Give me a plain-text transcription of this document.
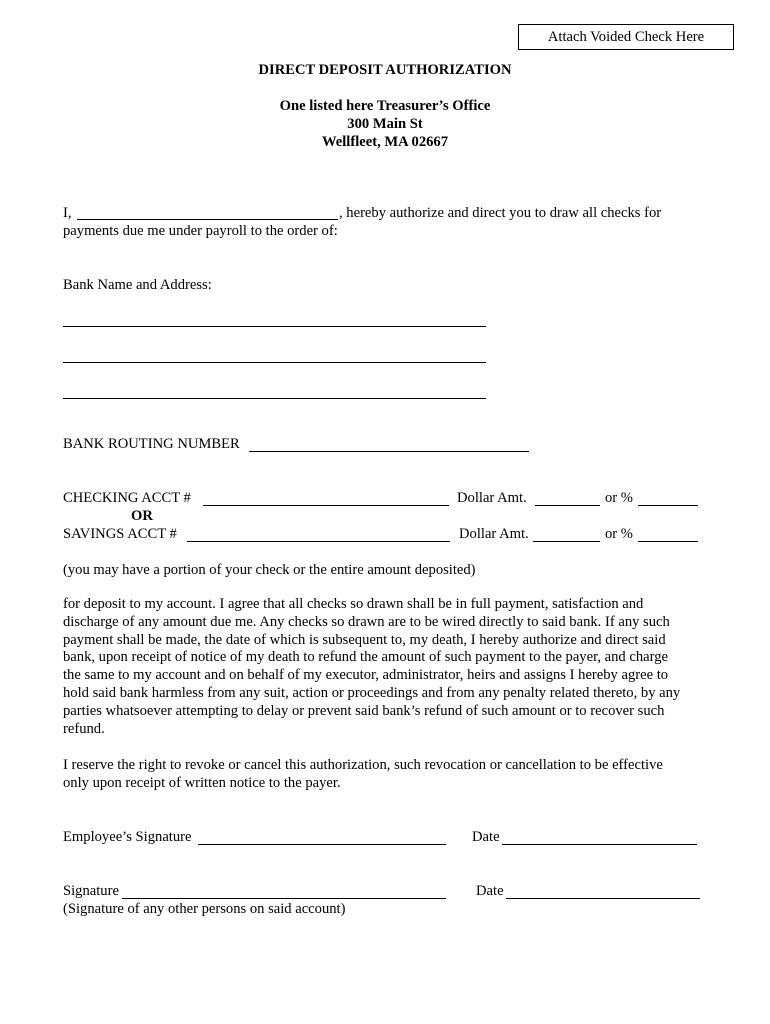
Attach Voided Check Here
DIRECT DEPOSIT AUTHORIZATION
One listed here Treasurer’s Office
300 Main St
Wellfleet, MA 02667
I,	, hereby authorize and direct you to draw all checks for
payments due me under payroll to the order of:
Bank Name and Address:
BANK ROUTING NUMBER
CHECKING ACCT #	Dollar Amt.	or %
OR
SAVINGS ACCT #	Dollar Amt.	or %
(you may have a portion of your check or the entire amount deposited)
for deposit to my account. I agree that all checks so drawn shall be in full payment, satisfaction and
discharge of any amount due me. Any checks so drawn are to be wired directly to said bank. If any such
payment shall be made, the date of which is subsequent to, my death, I hereby authorize and direct said
bank, upon receipt of notice of my death to refund the amount of such payment to the payer, and charge
the same to my account and on behalf of my executor, administrator, heirs and assigns I hereby agree to
hold said bank harmless from any suit, action or proceedings and from any penalty related thereto, by any
parties whatsoever attempting to delay or prevent said bank’s refund of such amount or to recover such
refund.
I reserve the right to revoke or cancel this authorization, such revocation or cancellation to be effective
only upon receipt of written notice to the payer.
Employee’s Signature	Date
Signature	Date
(Signature of any other persons on said account)
